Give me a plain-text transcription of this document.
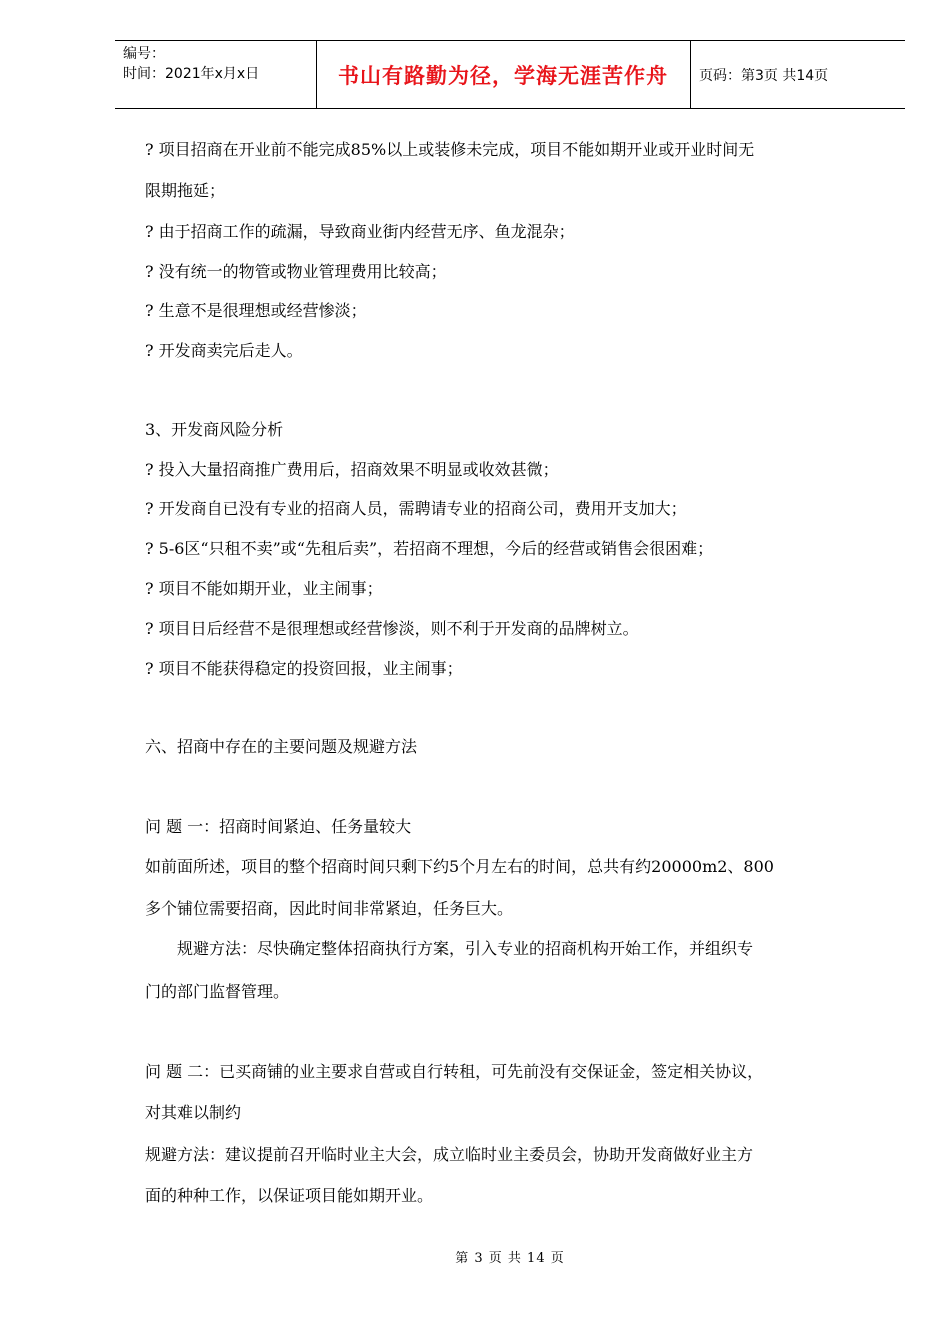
编号：
时间：2021年x月x日	书山有路勤为径，学海无涯苦作舟	页码：第3页 共14页
? 项目招商在开业前不能完成85%以上或装修未完成，项目不能如期开业或开业时间无
限期拖延；
? 由于招商工作的疏漏，导致商业街内经营无序、鱼龙混杂；
? 没有统一的物管或物业管理费用比较高；
? 生意不是很理想或经营惨淡；
? 开发商卖完后走人。
3、开发商风险分析
? 投入大量招商推广费用后，招商效果不明显或收效甚微；
? 开发商自已没有专业的招商人员，需聘请专业的招商公司，费用开支加大；
? 5-6区“只租不卖”或“先租后卖”，若招商不理想，今后的经营或销售会很困难；
? 项目不能如期开业，业主闹事；
? 项目日后经营不是很理想或经营惨淡，则不利于开发商的品牌树立。
? 项目不能获得稳定的投资回报，业主闹事；
六、招商中存在的主要问题及规避方法
问 题 一：招商时间紧迫、任务量较大
如前面所述，项目的整个招商时间只剩下约5个月左右的时间，总共有约20000m2、800
多个铺位需要招商，因此时间非常紧迫，任务巨大。
规避方法：尽快确定整体招商执行方案，引入专业的招商机构开始工作，并组织专
门的部门监督管理。
问 题 二：已买商铺的业主要求自营或自行转租，可先前没有交保证金，签定相关协议，
对其难以制约
规避方法：建议提前召开临时业主大会，成立临时业主委员会，协助开发商做好业主方
面的种种工作，以保证项目能如期开业。
第 3 页 共 14 页
